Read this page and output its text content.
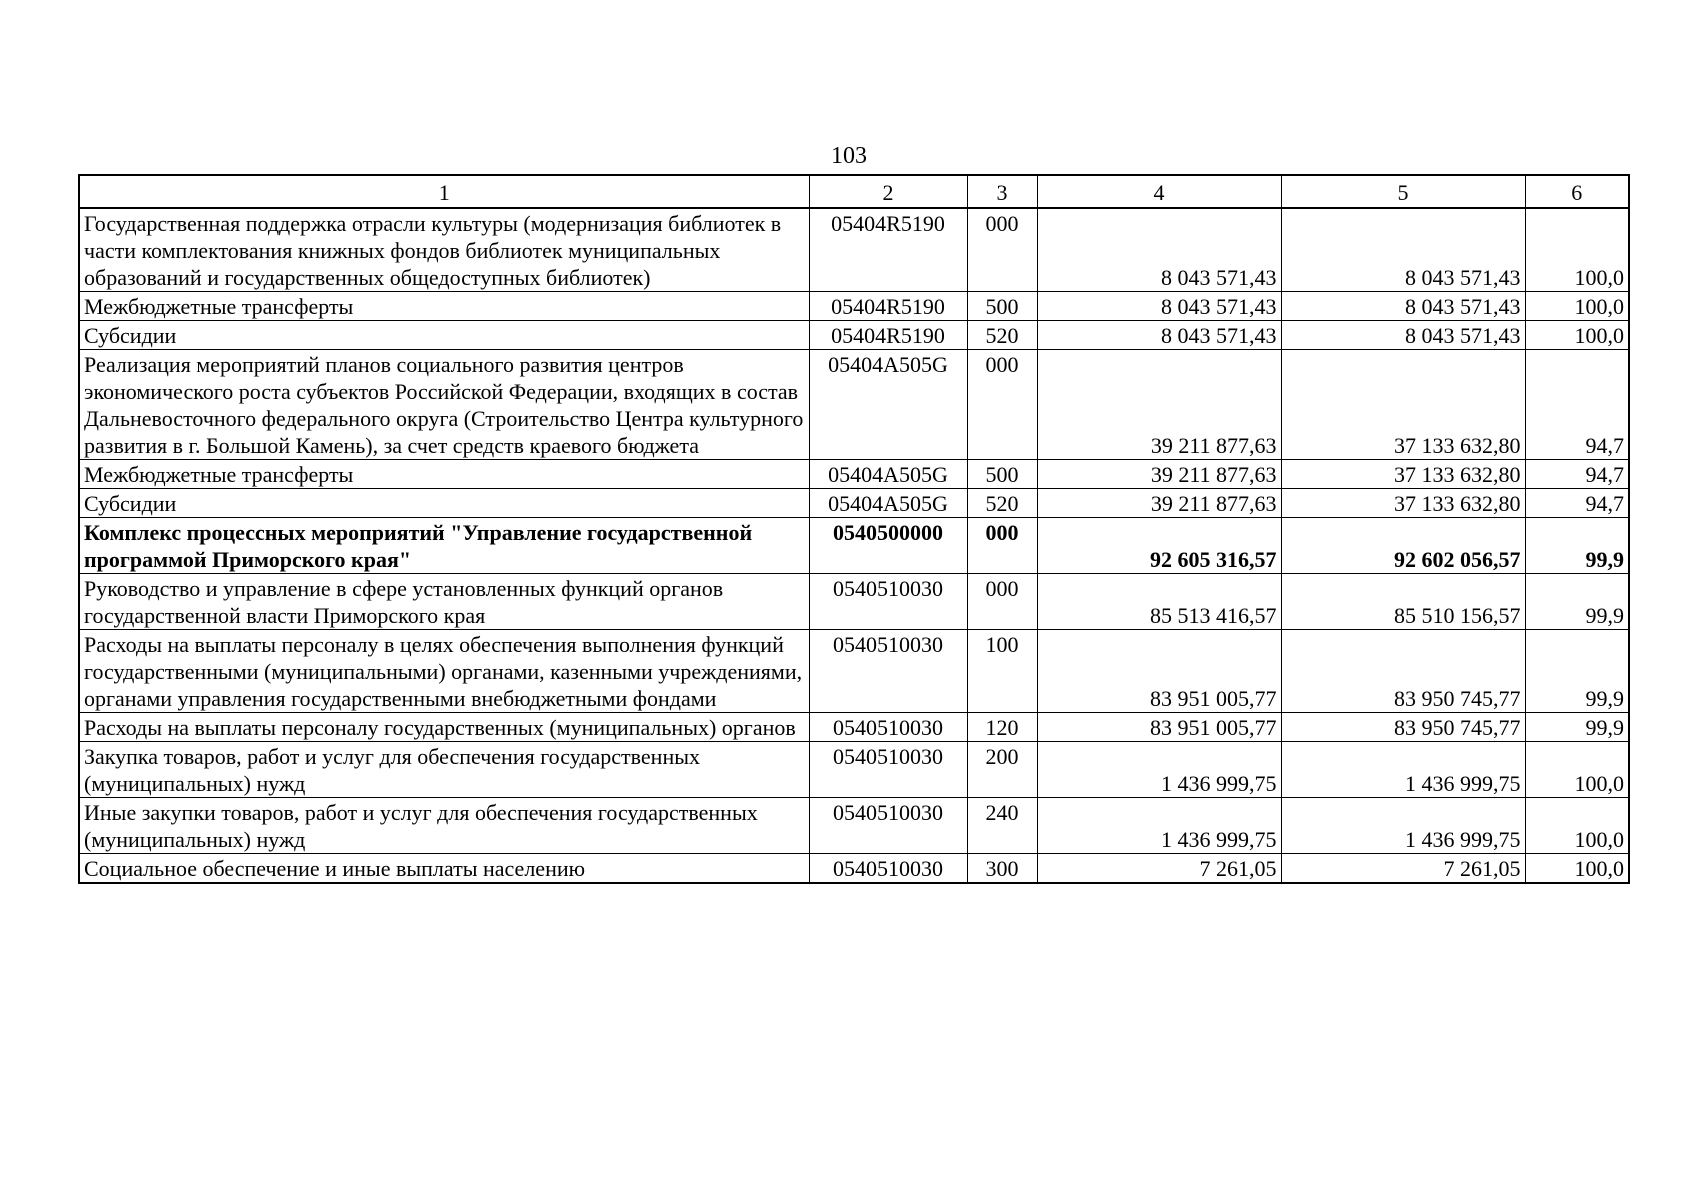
103
1	2	3	4	5	6
Государственная поддержка отрасли культуры (модернизация библиотек в части комплектования книжных фондов библиотек муниципальных образований и государственных общедоступных библиотек)	05404R5190	000	8 043 571,43	8 043 571,43	100,0
Межбюджетные трансферты	05404R5190	500	8 043 571,43	8 043 571,43	100,0
Субсидии	05404R5190	520	8 043 571,43	8 043 571,43	100,0
Реализация мероприятий планов социального развития центров экономического роста субъектов Российской Федерации, входящих в состав Дальневосточного федерального округа (Строительство Центра культурного развития в г. Большой Камень), за счет средств краевого бюджета	05404A505G	000	39 211 877,63	37 133 632,80	94,7
Межбюджетные трансферты	05404A505G	500	39 211 877,63	37 133 632,80	94,7
Субсидии	05404A505G	520	39 211 877,63	37 133 632,80	94,7
Комплекс процессных мероприятий "Управление государственной программой Приморского края"	0540500000	000	92 605 316,57	92 602 056,57	99,9
Руководство и управление в сфере установленных функций органов государственной власти Приморского края	0540510030	000	85 513 416,57	85 510 156,57	99,9
Расходы на выплаты персоналу в целях обеспечения выполнения функций государственными (муниципальными) органами, казенными учреждениями, органами управления государственными внебюджетными фондами	0540510030	100	83 951 005,77	83 950 745,77	99,9
Расходы на выплаты персоналу государственных (муниципальных) органов	0540510030	120	83 951 005,77	83 950 745,77	99,9
Закупка товаров, работ и услуг для обеспечения государственных (муниципальных) нужд	0540510030	200	1 436 999,75	1 436 999,75	100,0
Иные закупки товаров, работ и услуг для обеспечения государственных (муниципальных) нужд	0540510030	240	1 436 999,75	1 436 999,75	100,0
Социальное обеспечение и иные выплаты населению	0540510030	300	7 261,05	7 261,05	100,0
